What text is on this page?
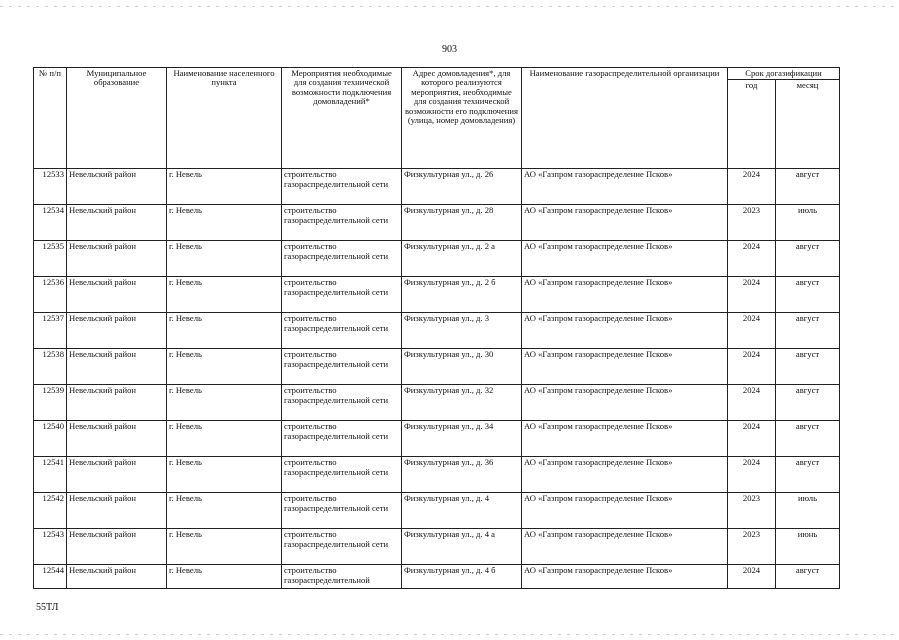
903
№ п/п	Муниципальное образование	Наименование населенного пункта	Мероприятия необходимые для создания технической возможности подключения домовладений*	Адрес домовладения*, для которого реализуются мероприятия, необходимые для создания технической возможности его подключения (улица, номер домовладения)	Наименование газораспределительной организации	Срок догазификации	
						год	месяц
12533	Невельский район	г. Невель	строительство газораспределительной сети	Физкультурная ул., д. 26	АО «Газпром газораспределение Псков»	2024	август
12534	Невельский район	г. Невель	строительство газораспределительной сети	Физкультурная ул., д. 28	АО «Газпром газораспределение Псков»	2023	июль
12535	Невельский район	г. Невель	строительство газораспределительной сети	Физкультурная ул., д. 2 а	АО «Газпром газораспределение Псков»	2024	август
12536	Невельский район	г. Невель	строительство газораспределительной сети	Физкультурная ул., д. 2 б	АО «Газпром газораспределение Псков»	2024	август
12537	Невельский район	г. Невель	строительство газораспределительной сети	Физкультурная ул., д. 3	АО «Газпром газораспределение Псков»	2024	август
12538	Невельский район	г. Невель	строительство газораспределительной сети	Физкультурная ул., д. 30	АО «Газпром газораспределение Псков»	2024	август
12539	Невельский район	г. Невель	строительство газораспределительной сети	Физкультурная ул., д. 32	АО «Газпром газораспределение Псков»	2024	август
12540	Невельский район	г. Невель	строительство газораспределительной сети	Физкультурная ул., д. 34	АО «Газпром газораспределение Псков»	2024	август
12541	Невельский район	г. Невель	строительство газораспределительной сети	Физкультурная ул., д. 36	АО «Газпром газораспределение Псков»	2024	август
12542	Невельский район	г. Невель	строительство газораспределительной сети	Физкультурная ул., д. 4	АО «Газпром газораспределение Псков»	2023	июль
12543	Невельский район	г. Невель	строительство газораспределительной сети	Физкультурная ул., д. 4 а	АО «Газпром газораспределение Псков»	2023	июнь
12544	Невельский район	г. Невель	строительство газораспределительной	Физкультурная ул., д. 4 б	АО «Газпром газораспределение Псков»	2024	август
55ТЛ
